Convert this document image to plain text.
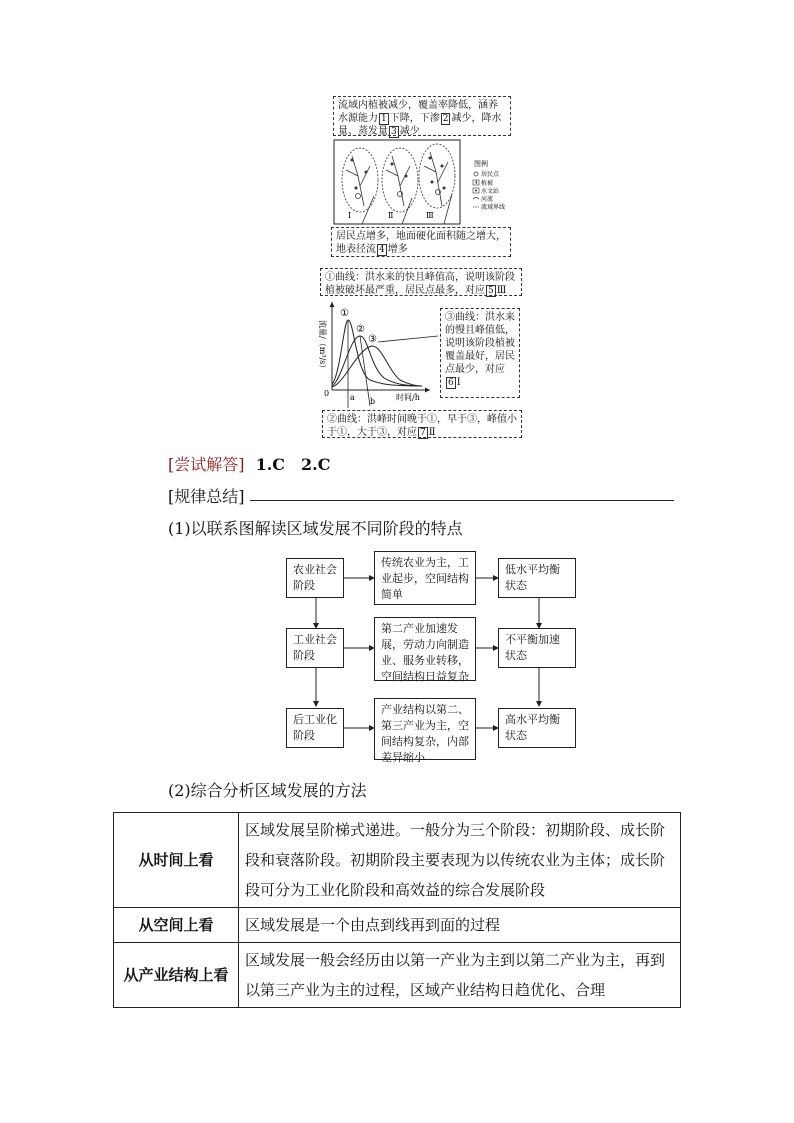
流域内植被减少，覆盖率降低，涵养水源能力 1 下降，下渗 2 减少，降水量、蒸发量 3 减少
Ⅰ	Ⅱ	Ⅲ
图例
居民点
4 植被
水文站
河流
流域界线
居民点增多，地面硬化面积随之增大，地表径流 4 增多
①曲线：洪水来的快且峰值高，说明该阶段植被破坏最严重，居民点最多，对应 5 Ⅲ
①
②
③
0	时间/h
a b
流量/（m³/s）
③曲线：洪水来的慢且峰值低，说明该阶段植被覆盖最好，居民点最少，对应6 Ⅰ
②曲线：洪峰时间晚于①，早于③，峰值小于①，大于③，对应 7 Ⅱ
[尝试解答] 1.C　2.C
[规律总结]
(1)以联系图解读区域发展不同阶段的特点
农业社会阶段
工业社会阶段
后工业化阶段
传统农业为主，工业起步，空间结构简单
第二产业加速发展，劳动力向制造业、服务业转移，空间结构日益复杂
产业结构以第二、第三产业为主，空间结构复杂，内部差异缩小
低水平均衡状态
不平衡加速状态
高水平均衡状态
(2)综合分析区域发展的方法
从时间上看	区域发展呈阶梯式递进。一般分为三个阶段：初期阶段、成长阶段和衰落阶段。初期阶段主要表现为以传统农业为主体；成长阶段可分为工业化阶段和高效益的综合发展阶段
从空间上看	区域发展是一个由点到线再到面的过程
从产业结构上看	区域发展一般会经历由以第一产业为主到以第二产业为主，再到以第三产业为主的过程，区域产业结构日趋优化、合理
